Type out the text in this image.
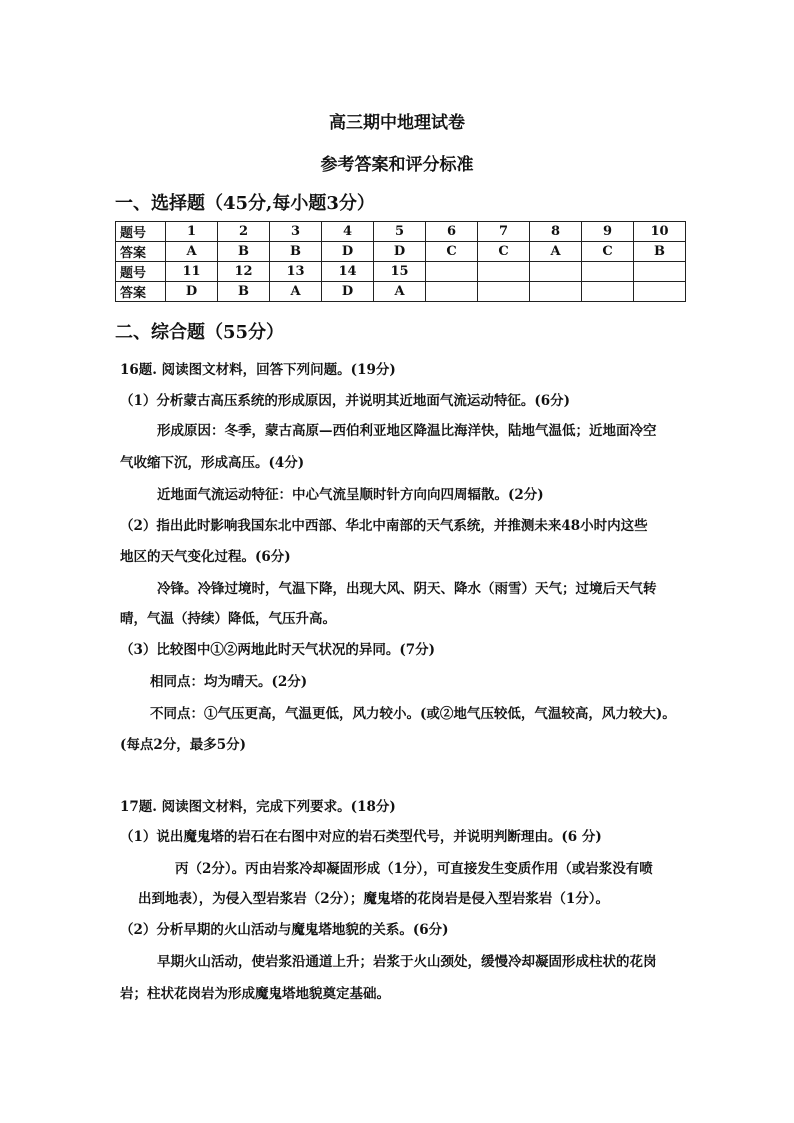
高三期中地理试卷
参考答案和评分标准
一、选择题（45分,每小题3分）
题号	1	2	3	4	5	6	7	8	9	10
答案	A	B	B	D	D	C	C	A	C	B
题号	11	12	13	14	15					
答案	D	B	A	D	A					
二、综合题（55分）
16题. 阅读图文材料，回答下列问题。(19分)
（1）分析蒙古高压系统的形成原因，并说明其近地面气流运动特征。(6分)
形成原因：冬季，蒙古高原—西伯利亚地区降温比海洋快，陆地气温低；近地面冷空
气收缩下沉，形成高压。(4分)
近地面气流运动特征：中心气流呈顺时针方向向四周辐散。(2分)
（2）指出此时影响我国东北中西部、华北中南部的天气系统，并推测未来48小时内这些
地区的天气变化过程。(6分)
冷锋。冷锋过境时，气温下降，出现大风、阴天、降水（雨雪）天气；过境后天气转
晴，气温（持续）降低，气压升高。
（3）比较图中①②两地此时天气状况的异同。(7分)
相同点：均为晴天。(2分)
不同点：①气压更高，气温更低，风力较小。(或②地气压较低，气温较高，风力较大)。
(每点2分，最多5分)
17题. 阅读图文材料，完成下列要求。(18分)
（1）说出魔鬼塔的岩石在右图中对应的岩石类型代号，并说明判断理由。(6 分)
丙（2分）。丙由岩浆冷却凝固形成（1分），可直接发生变质作用（或岩浆没有喷
出到地表），为侵入型岩浆岩（2分）；魔鬼塔的花岗岩是侵入型岩浆岩（1分）。
（2）分析早期的火山活动与魔鬼塔地貌的关系。(6分)
早期火山活动，使岩浆沿通道上升；岩浆于火山颈处，缓慢冷却凝固形成柱状的花岗
岩；柱状花岗岩为形成魔鬼塔地貌奠定基础。
